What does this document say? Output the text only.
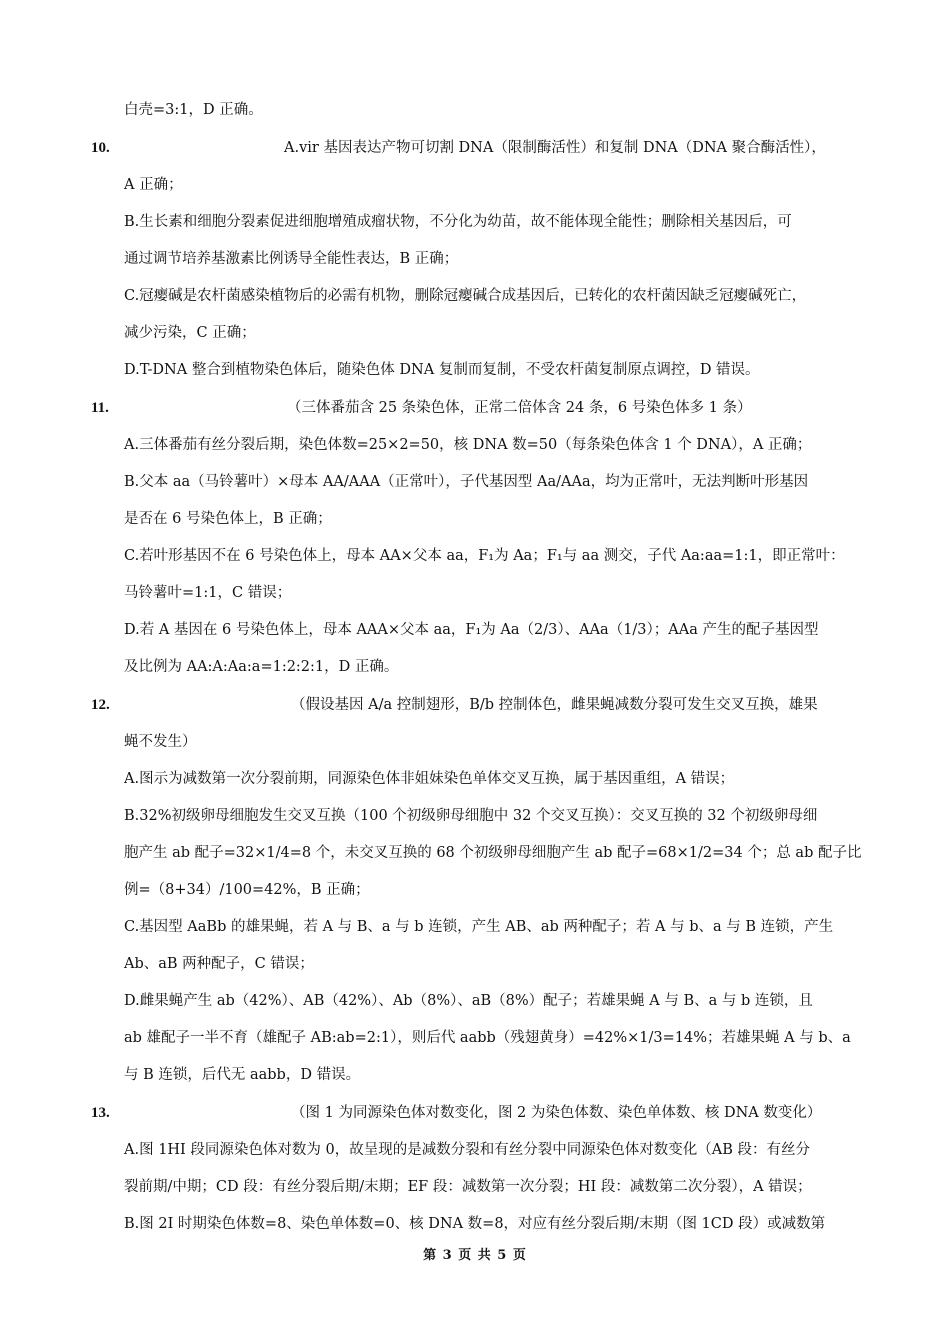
白壳=3:1，D 正确。
10.	A.vir 基因表达产物可切割 DNA（限制酶活性）和复制 DNA（DNA 聚合酶活性），
A 正确；
B.生长素和细胞分裂素促进细胞增殖成瘤状物，不分化为幼苗，故不能体现全能性；删除相关基因后，可
通过调节培养基激素比例诱导全能性表达，B 正确；
C.冠瘿碱是农杆菌感染植物后的必需有机物，删除冠瘿碱合成基因后，已转化的农杆菌因缺乏冠瘿碱死亡，
减少污染，C 正确；
D.T-DNA 整合到植物染色体后，随染色体 DNA 复制而复制，不受农杆菌复制原点调控，D 错误。
11.	（三体番茄含 25 条染色体，正常二倍体含 24 条，6 号染色体多 1 条）
A.三体番茄有丝分裂后期，染色体数=25×2=50，核 DNA 数=50（每条染色体含 1 个 DNA），A 正确；
B.父本 aa（马铃薯叶）×母本 AA/AAA（正常叶），子代基因型 Aa/AAa，均为正常叶，无法判断叶形基因
是否在 6 号染色体上，B 正确；
C.若叶形基因不在 6 号染色体上，母本 AA×父本 aa，F₁为 Aa；F₁与 aa 测交，子代 Aa:aa=1:1，即正常叶：
马铃薯叶=1:1，C 错误；
D.若 A 基因在 6 号染色体上，母本 AAA×父本 aa，F₁为 Aa（2/3）、AAa（1/3）；AAa 产生的配子基因型
及比例为 AA:A:Aa:a=1:2:2:1，D 正确。
12.	（假设基因 A/a 控制翅形，B/b 控制体色，雌果蝇减数分裂可发生交叉互换，雄果
蝇不发生）
A.图示为减数第一次分裂前期，同源染色体非姐妹染色单体交叉互换，属于基因重组，A 错误；
B.32%初级卵母细胞发生交叉互换（100 个初级卵母细胞中 32 个交叉互换）：交叉互换的 32 个初级卵母细
胞产生 ab 配子=32×1/4=8 个，未交叉互换的 68 个初级卵母细胞产生 ab 配子=68×1/2=34 个；总 ab 配子比
例=（8+34）/100=42%，B 正确；
C.基因型 AaBb 的雄果蝇，若 A 与 B、a 与 b 连锁，产生 AB、ab 两种配子；若 A 与 b、a 与 B 连锁，产生
Ab、aB 两种配子，C 错误；
D.雌果蝇产生 ab（42%）、AB（42%）、Ab（8%）、aB（8%）配子；若雄果蝇 A 与 B、a 与 b 连锁，且
ab 雄配子一半不育（雄配子 AB:ab=2:1），则后代 aabb（残翅黄身）=42%×1/3=14%；若雄果蝇 A 与 b、a
与 B 连锁，后代无 aabb，D 错误。
13.	（图 1 为同源染色体对数变化，图 2 为染色体数、染色单体数、核 DNA 数变化）
A.图 1HI 段同源染色体对数为 0，故呈现的是减数分裂和有丝分裂中同源染色体对数变化（AB 段：有丝分
裂前期/中期；CD 段：有丝分裂后期/末期；EF 段：减数第一次分裂；HI 段：减数第二次分裂），A 错误；
B.图 2I 时期染色体数=8、染色单体数=0、核 DNA 数=8，对应有丝分裂后期/末期（图 1CD 段）或减数第
第 3 页 共 5 页
